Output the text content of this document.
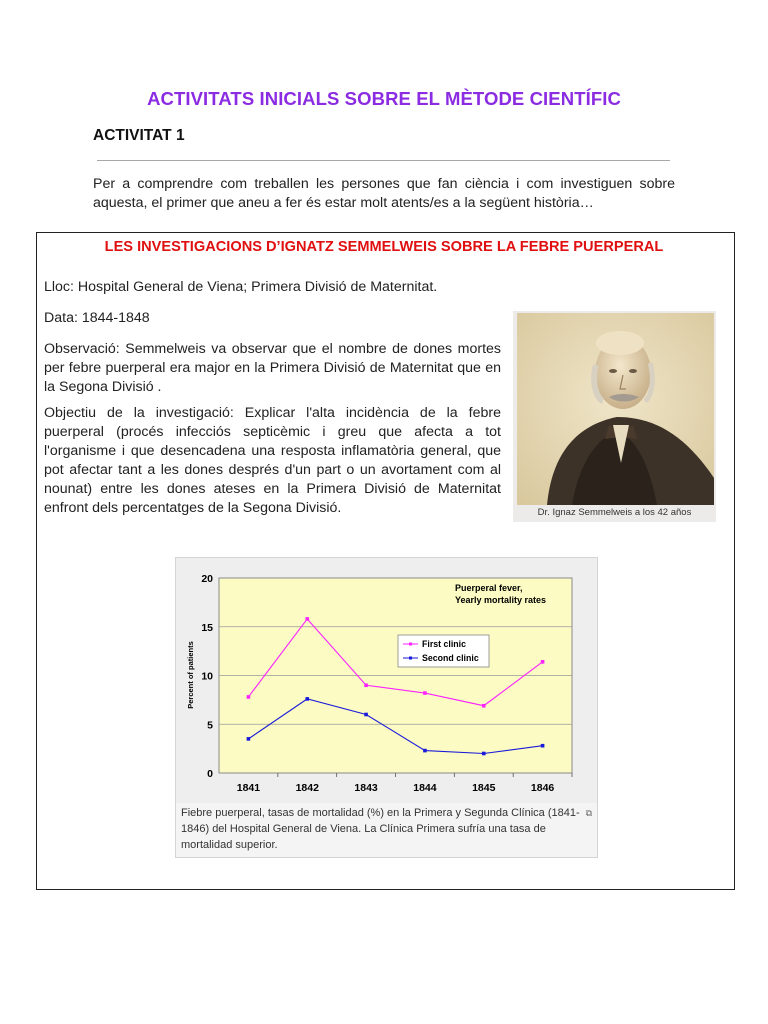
ACTIVITATS INICIALS SOBRE EL MÈTODE CIENTÍFIC
ACTIVITAT 1
Per a comprendre com treballen les persones que fan ciència i com investiguen sobre aquesta, el primer que aneu a fer és estar molt atents/es a la següent història…
LES INVESTIGACIONS D’IGNATZ SEMMELWEIS SOBRE LA FEBRE PUERPERAL
Lloc: Hospital General de Viena; Primera Divisió de Maternitat.
Data: 1844-1848
Observació: Semmelweis va observar que el nombre de dones mortes per febre puerperal era major en la Primera Divisió de Maternitat que en la Segona Divisió .
Objectiu de la investigació: Explicar l'alta incidència de la febre puerperal (procés infecciós septicèmic i greu que afecta a tot l'organisme i que desencadena una resposta inflamatòria general, que pot afectar tant a les dones després d'un part o un avortament com al nounat) entre les dones ateses en la Primera Divisió de Maternitat enfront dels percentatges de la Segona Divisió.	Dr. Ignaz Semmelweis a los 42 años
0
5
10
15
20
1841	1842	1843	1844	1845	1846
Percent of patients
Puerperal fever,
Yearly mortality rates
First clinic
Second clinic
Fiebre puerperal, tasas de mortalidad (%) en la Primera y Segunda Clínica (1841-1846) del Hospital General de Viena. La Clínica Primera sufría una tasa de mortalidad superior.
⧉
